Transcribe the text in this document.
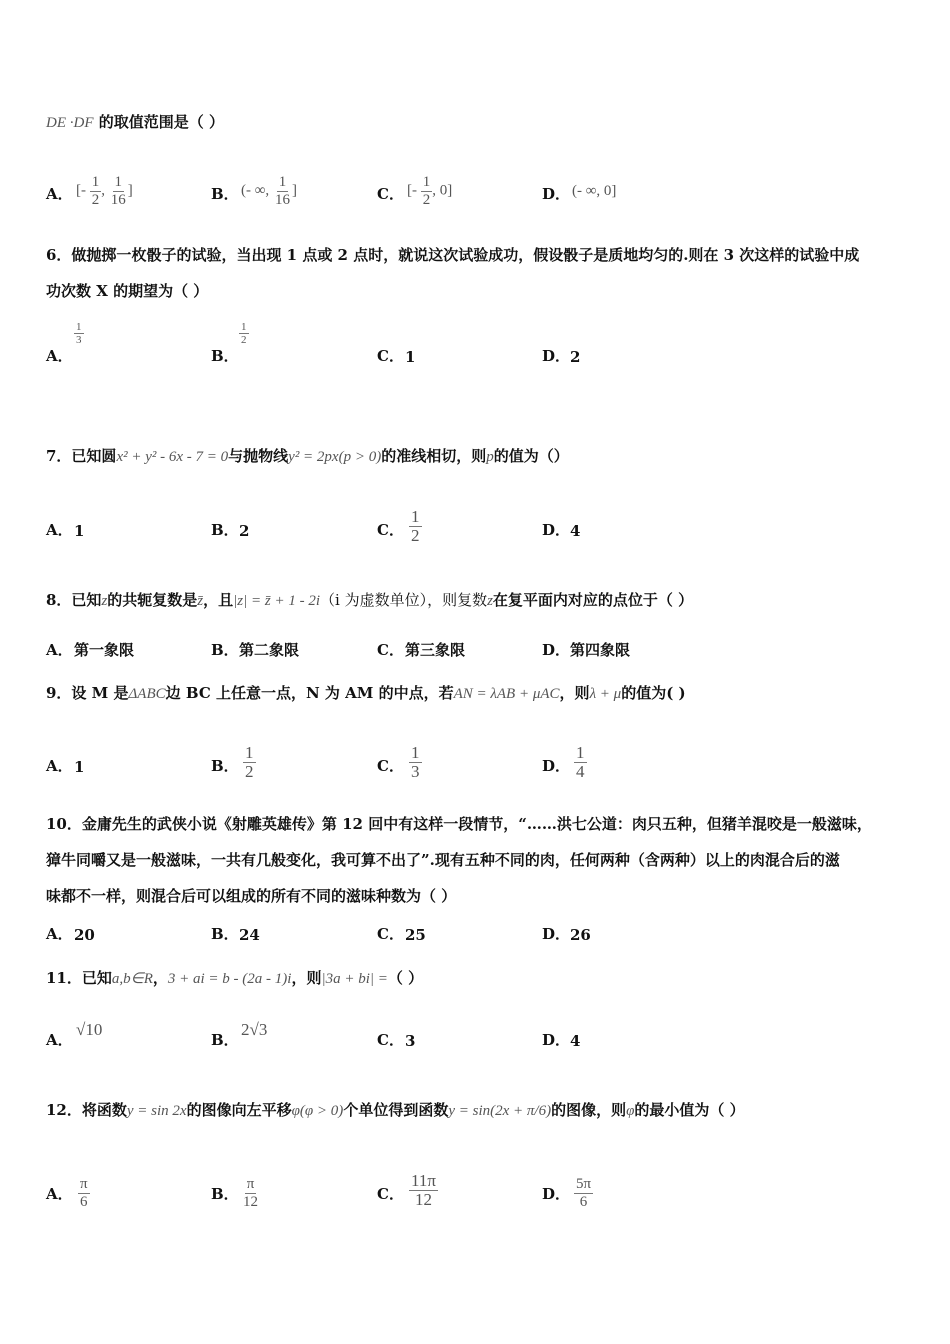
DE ·DF 的取值范围是（ ）
A． [- $\frac{1}{2}$ , $\frac{1}{16}$ ]	B． (- ∞, $\frac{1}{16}$ ]	C． [- $\frac{1}{2}$ , 0]	D． (- ∞, 0]
6．做抛掷一枚骰子的试验，当出现 1 点或 2 点时，就说这次试验成功，假设骰子是质地均匀的.则在 3 次这样的试验中成
功次数 X 的期望为（ ）
A．
$\frac{1}{3}$
B．
$\frac{1}{2}$
C． 1	D． 2
7．已知圆x² + y² - 6x - 7 = 0与抛物线y² = 2px(p > 0)的准线相切，则p的值为（）
A． 1	B． 2	C． $\frac{1}{2}$	D． 4
8．已知z的共轭复数是z̄，且|z| = z̄ + 1 - 2i（i 为虚数单位），则复数z在复平面内对应的点位于（ ）
A． 第一象限	B． 第二象限	C． 第三象限	D． 第四象限
9．设 M 是ΔABC边 BC 上任意一点，N 为 AM 的中点，若AN = λAB + μAC，则λ + μ的值为( )
A． 1	B． $\frac{1}{2}$	C． $\frac{1}{3}$	D． $\frac{1}{4}$
10．金庸先生的武侠小说《射雕英雄传》第 12 回中有这样一段情节，“……洪七公道：肉只五种，但猪羊混咬是一般滋味，
獐牛同嚼又是一般滋味，一共有几般变化，我可算不出了”.现有五种不同的肉，任何两种（含两种）以上的肉混合后的滋
味都不一样，则混合后可以组成的所有不同的滋味种数为（ ）
A． 20	B． 24	C． 25	D． 26
11．已知a,b∈R，3 + ai = b - (2a - 1)i，则|3a + bi| =（ ）
A．
√10
B．
2√3
C． 3	D． 4
12．将函数y = sin 2x的图像向左平移φ(φ > 0)个单位得到函数y = sin(2x + π/6)的图像，则φ的最小值为（ ）
A． $\frac{\pi}{6}$	B． $\frac{\pi}{12}$	C． $\frac{11\pi}{12}$	D． $\frac{5\pi}{6}$
